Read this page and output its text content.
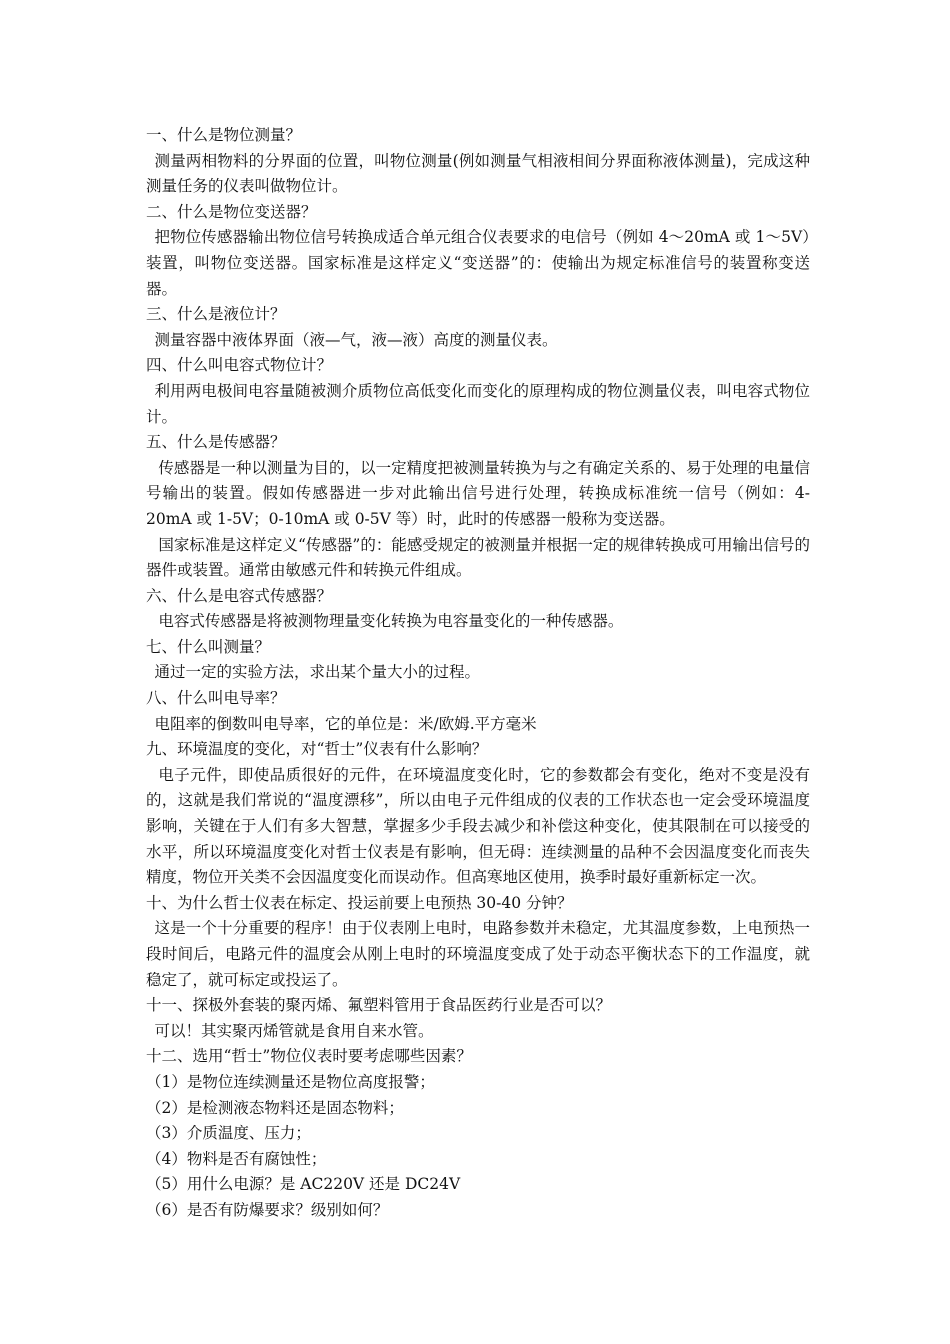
一、什么是物位测量？

测量两相物料的分界面的位置，叫物位测量(例如测量气相液相间分界面称液体测量)，完成这种测量任务的仪表叫做物位计。

二、什么是物位变送器？

把物位传感器输出物位信号转换成适合单元组合仪表要求的电信号（例如 4～20mA 或 1～5V）装置，叫物位变送器。国家标准是这样定义“变送器”的：使输出为规定标准信号的装置称变送器。

三、什么是液位计？

测量容器中液体界面（液—气，液—液）高度的测量仪表。

四、什么叫电容式物位计？

利用两电极间电容量随被测介质物位高低变化而变化的原理构成的物位测量仪表，叫电容式物位计。

五、什么是传感器？

传感器是一种以测量为目的，以一定精度把被测量转换为与之有确定关系的、易于处理的电量信号输出的装置。假如传感器进一步对此输出信号进行处理，转换成标准统一信号（例如：4-20mA 或 1-5V；0-10mA 或 0-5V 等）时，此时的传感器一般称为变送器。

国家标准是这样定义“传感器”的：能感受规定的被测量并根据一定的规律转换成可用输出信号的器件或装置。通常由敏感元件和转换元件组成。

六、什么是电容式传感器？

电容式传感器是将被测物理量变化转换为电容量变化的一种传感器。

七、什么叫测量？

通过一定的实验方法，求出某个量大小的过程。

八、什么叫电导率？

电阻率的倒数叫电导率，它的单位是：米/欧姆.平方毫米

九、环境温度的变化，对“哲士”仪表有什么影响？

电子元件，即使品质很好的元件，在环境温度变化时，它的参数都会有变化，绝对不变是没有的，这就是我们常说的“温度漂移”，所以由电子元件组成的仪表的工作状态也一定会受环境温度影响，关键在于人们有多大智慧，掌握多少手段去减少和补偿这种变化，使其限制在可以接受的水平，所以环境温度变化对哲士仪表是有影响，但无碍：连续测量的品种不会因温度变化而丧失精度，物位开关类不会因温度变化而误动作。但高寒地区使用，换季时最好重新标定一次。

十、为什么哲士仪表在标定、投运前要上电预热 30-40 分钟？

这是一个十分重要的程序！由于仪表刚上电时，电路参数并未稳定，尤其温度参数，上电预热一段时间后，电路元件的温度会从刚上电时的环境温度变成了处于动态平衡状态下的工作温度，就稳定了，就可标定或投运了。

十一、探极外套装的聚丙烯、氟塑料管用于食品医药行业是否可以？

可以！其实聚丙烯管就是食用自来水管。

十二、选用“哲士”物位仪表时要考虑哪些因素？

（1）是物位连续测量还是物位高度报警；

（2）是检测液态物料还是固态物料；

（3）介质温度、压力；

（4）物料是否有腐蚀性；

（5）用什么电源？是 AC220V 还是 DC24V

（6）是否有防爆要求？级别如何？
